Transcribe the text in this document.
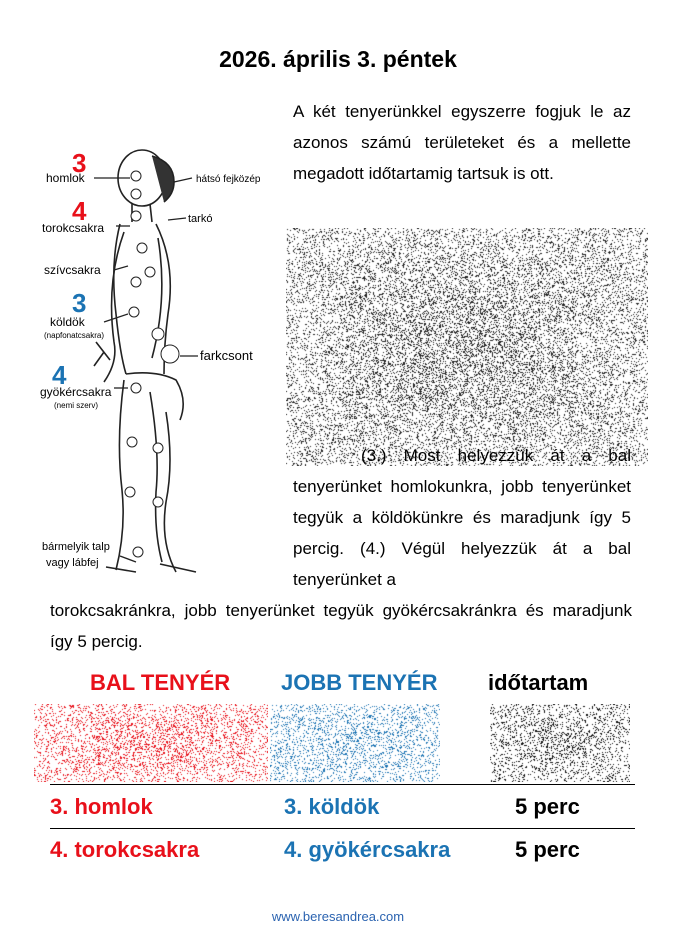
2026. április 3. péntek
3
homlok	hátsó fejközép
4
torokcsakra
tarkó
szívcsakra
3
köldök
(napfonatcsakra)
farkcsont
4
gyökércsakra
(nemi szerv)
bármelyik talp
vagy lábfej
A két tenyerünkkel egyszerre fogjuk le az azonos számú területeket és a mellette megadott időtartamig tartsuk is ott.
(3.) Most helyezzük át a bal tenyerünket homlokunkra, jobb tenyerünket tegyük a köldökünkre és maradjunk így 5 percig. (4.) Végül helyezzük át a bal tenyerünket a
torokcsakránkra, jobb tenyerünket tegyük gyökércsakránkra és maradjunk így 5 percig.
BAL TENYÉR JOBB TENYÉR időtartam
3. homlok	3. köldök	5 perc
4. torokcsakra	4. gyökércsakra	5 perc
www.beresandrea.com
